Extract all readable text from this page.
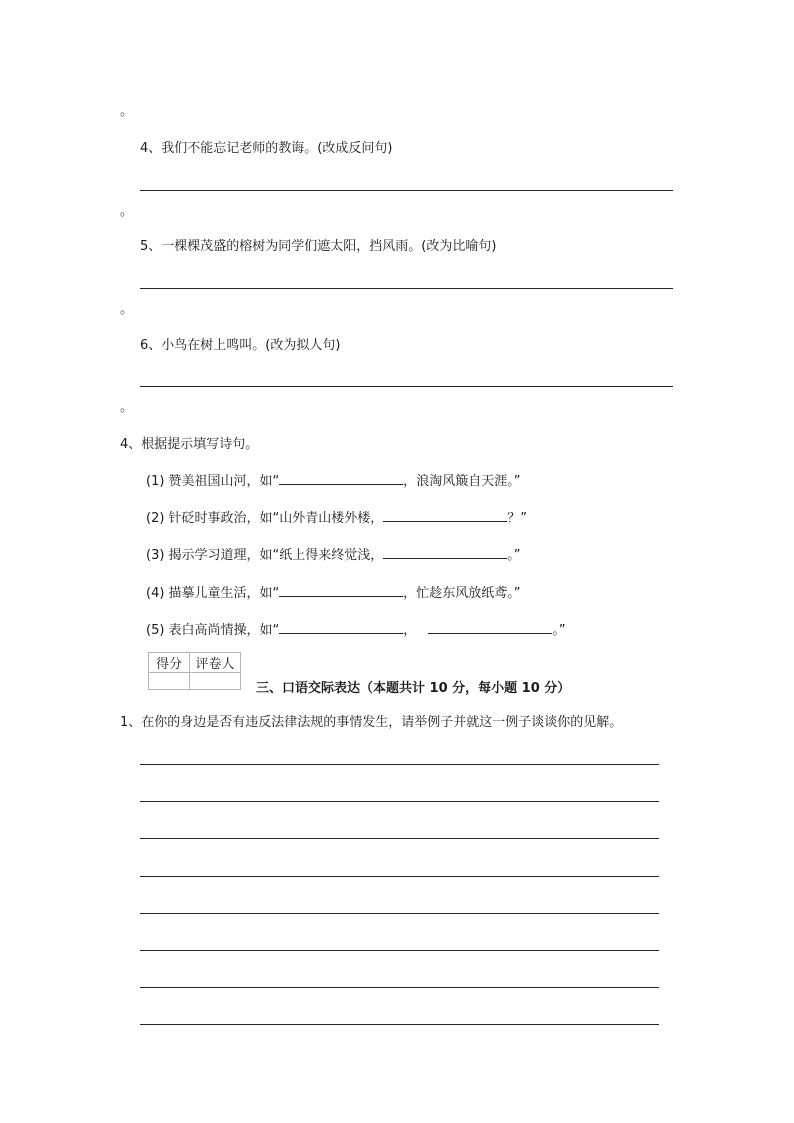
。
4、我们不能忘记老师的教诲。(改成反问句)
。
5、一棵棵茂盛的榕树为同学们遮太阳，挡风雨。(改为比喻句)
。
6、小鸟在树上鸣叫。(改为拟人句)
。
4、根据提示填写诗句。
(1) 赞美祖国山河，如“	，浪淘风簸自天涯。”
(2) 针砭时事政治，如“山外青山楼外楼，	？”
(3) 揭示学习道理，如“纸上得来终觉浅，	。”
(4) 描摹儿童生活，如“	，忙趁东风放纸鸢。”
(5) 表白高尚情操，如“	，	。”
得分	评卷人

三、口语交际表达（本题共计 10 分，每小题 10 分）
1、在你的身边是否有违反法律法规的事情发生，请举例子并就这一例子谈谈你的见解。
